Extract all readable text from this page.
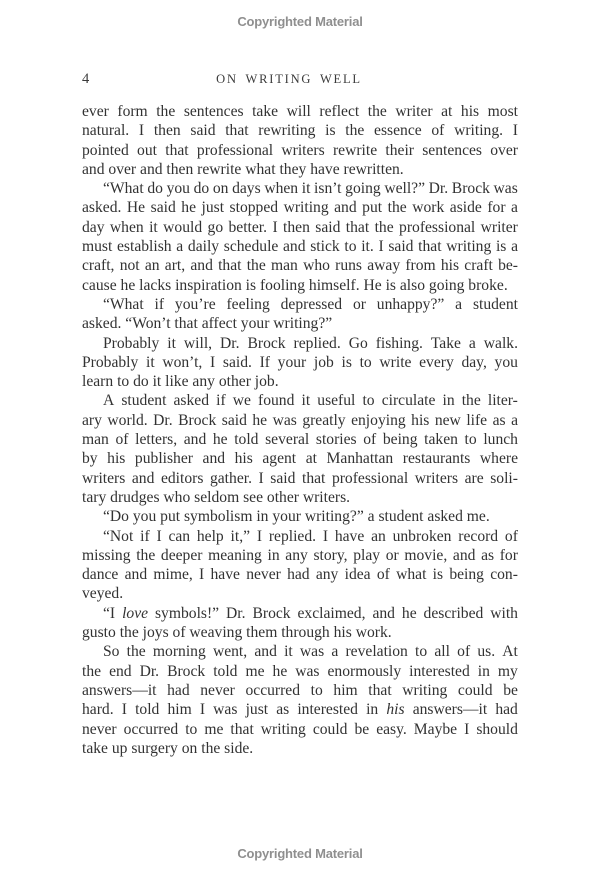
Copyrighted Material
4	ON WRITING WELL
ever form the sentences take will reflect the writer at his most
natural. I then said that rewriting is the essence of writing. I
pointed out that professional writers rewrite their sentences over
and over and then rewrite what they have rewritten.
“What do you do on days when it isn’t going well?” Dr. Brock was
asked. He said he just stopped writing and put the work aside for a
day when it would go better. I then said that the professional writer
must establish a daily schedule and stick to it. I said that writing is a
craft, not an art, and that the man who runs away from his craft be-
cause he lacks inspiration is fooling himself. He is also going broke.
“What if you’re feeling depressed or unhappy?” a student
asked. “Won’t that affect your writing?”
Probably it will, Dr. Brock replied. Go fishing. Take a walk.
Probably it won’t, I said. If your job is to write every day, you
learn to do it like any other job.
A student asked if we found it useful to circulate in the liter-
ary world. Dr. Brock said he was greatly enjoying his new life as a
man of letters, and he told several stories of being taken to lunch
by his publisher and his agent at Manhattan restaurants where
writers and editors gather. I said that professional writers are soli-
tary drudges who seldom see other writers.
“Do you put symbolism in your writing?” a student asked me.
“Not if I can help it,” I replied. I have an unbroken record of
missing the deeper meaning in any story, play or movie, and as for
dance and mime, I have never had any idea of what is being con-
veyed.
“I love symbols!” Dr. Brock exclaimed, and he described with
gusto the joys of weaving them through his work.
So the morning went, and it was a revelation to all of us. At
the end Dr. Brock told me he was enormously interested in my
answers—it had never occurred to him that writing could be
hard. I told him I was just as interested in his answers—it had
never occurred to me that writing could be easy. Maybe I should
take up surgery on the side.
Copyrighted Material
